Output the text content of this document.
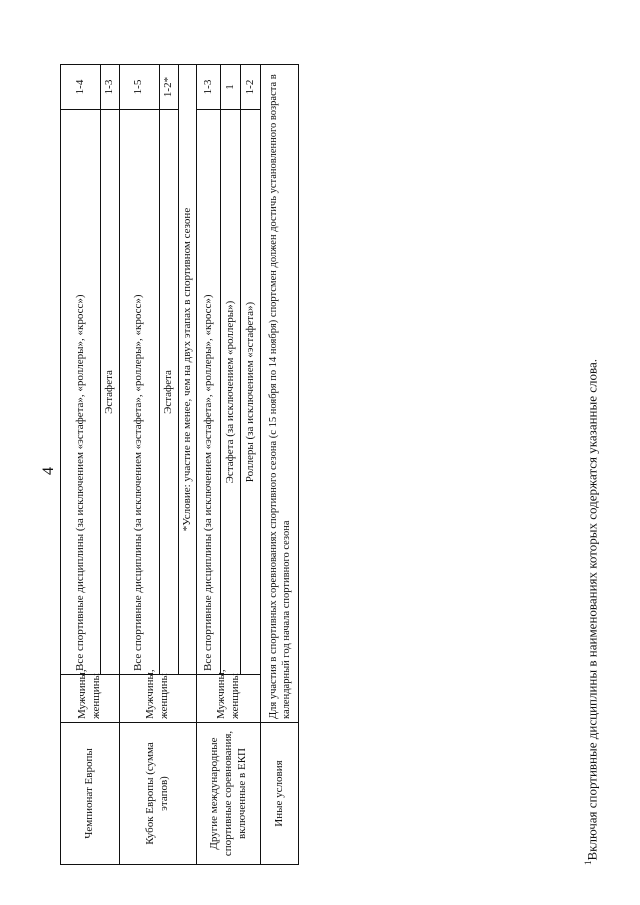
4
Чемпионат Европы	Мужчины, женщины	Все спортивные дисциплины (за исключением «эстафета», «роллеры», «кросс»)	1-4
		Эстафета	1-3
Кубок Европы (сумма этапов)	Мужчины, женщины	Все спортивные дисциплины (за исключением «эстафета», «роллеры», «кросс»)	1-5
		Эстафета	1-2*
		*Условие: участие не менее, чем на двух этапах в спортивном сезоне	
Другие международные спортивные соревнования, включенные в ЕКП	Мужчины, женщины	Все спортивные дисциплины (за исключением «эстафета», «роллеры», «кросс»)	1-3
		Эстафета (за исключением «роллеры»)	1
		Роллеры (за исключением «эстафета»)	1-2
Иные условия	Для участия в спортивных соревнованиях спортивного сезона (с 15 ноября по 14 ноября) спортсмен должен достичь установленного возраста в календарный год начала спортивного сезона		
$^1$Включая спортивные дисциплины в наименованиях которых содержатся указанные слова.
